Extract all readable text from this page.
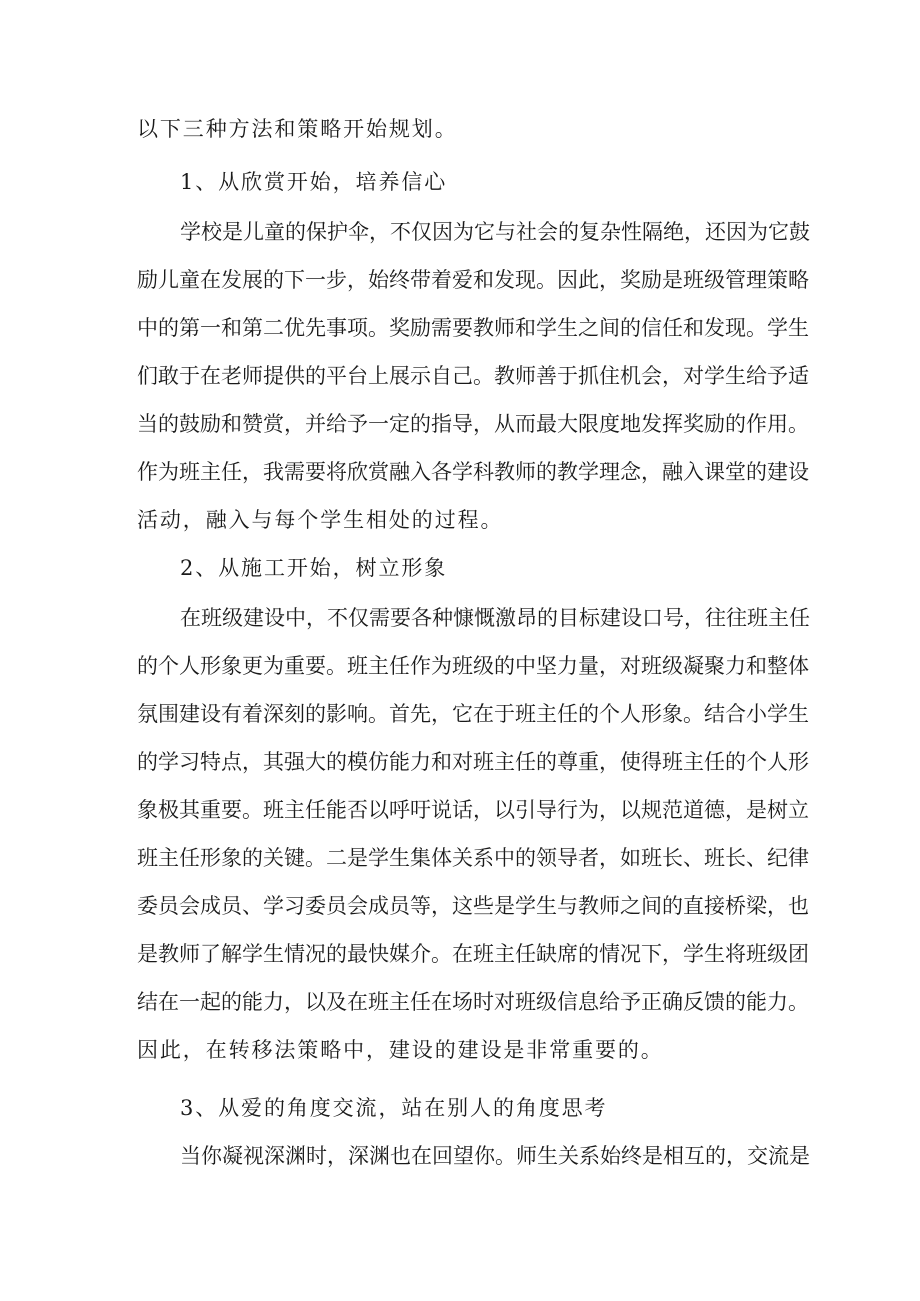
以下三种方法和策略开始规划。
1、从欣赏开始，培养信心
学校是儿童的保护伞，不仅因为它与社会的复杂性隔绝，还因为它鼓
励儿童在发展的下一步，始终带着爱和发现。因此，奖励是班级管理策略
中的第一和第二优先事项。奖励需要教师和学生之间的信任和发现。学生
们敢于在老师提供的平台上展示自己。教师善于抓住机会，对学生给予适
当的鼓励和赞赏，并给予一定的指导，从而最大限度地发挥奖励的作用。
作为班主任，我需要将欣赏融入各学科教师的教学理念，融入课堂的建设
活动，融入与每个学生相处的过程。
2、从施工开始，树立形象
在班级建设中，不仅需要各种慷慨激昂的目标建设口号，往往班主任
的个人形象更为重要。班主任作为班级的中坚力量，对班级凝聚力和整体
氛围建设有着深刻的影响。首先，它在于班主任的个人形象。结合小学生
的学习特点，其强大的模仿能力和对班主任的尊重，使得班主任的个人形
象极其重要。班主任能否以呼吁说话，以引导行为，以规范道德，是树立
班主任形象的关键。二是学生集体关系中的领导者，如班长、班长、纪律
委员会成员、学习委员会成员等，这些是学生与教师之间的直接桥梁，也
是教师了解学生情况的最快媒介。在班主任缺席的情况下，学生将班级团
结在一起的能力，以及在班主任在场时对班级信息给予正确反馈的能力。
因此，在转移法策略中，建设的建设是非常重要的。
3、从爱的角度交流，站在别人的角度思考
当你凝视深渊时，深渊也在回望你。师生关系始终是相互的，交流是
